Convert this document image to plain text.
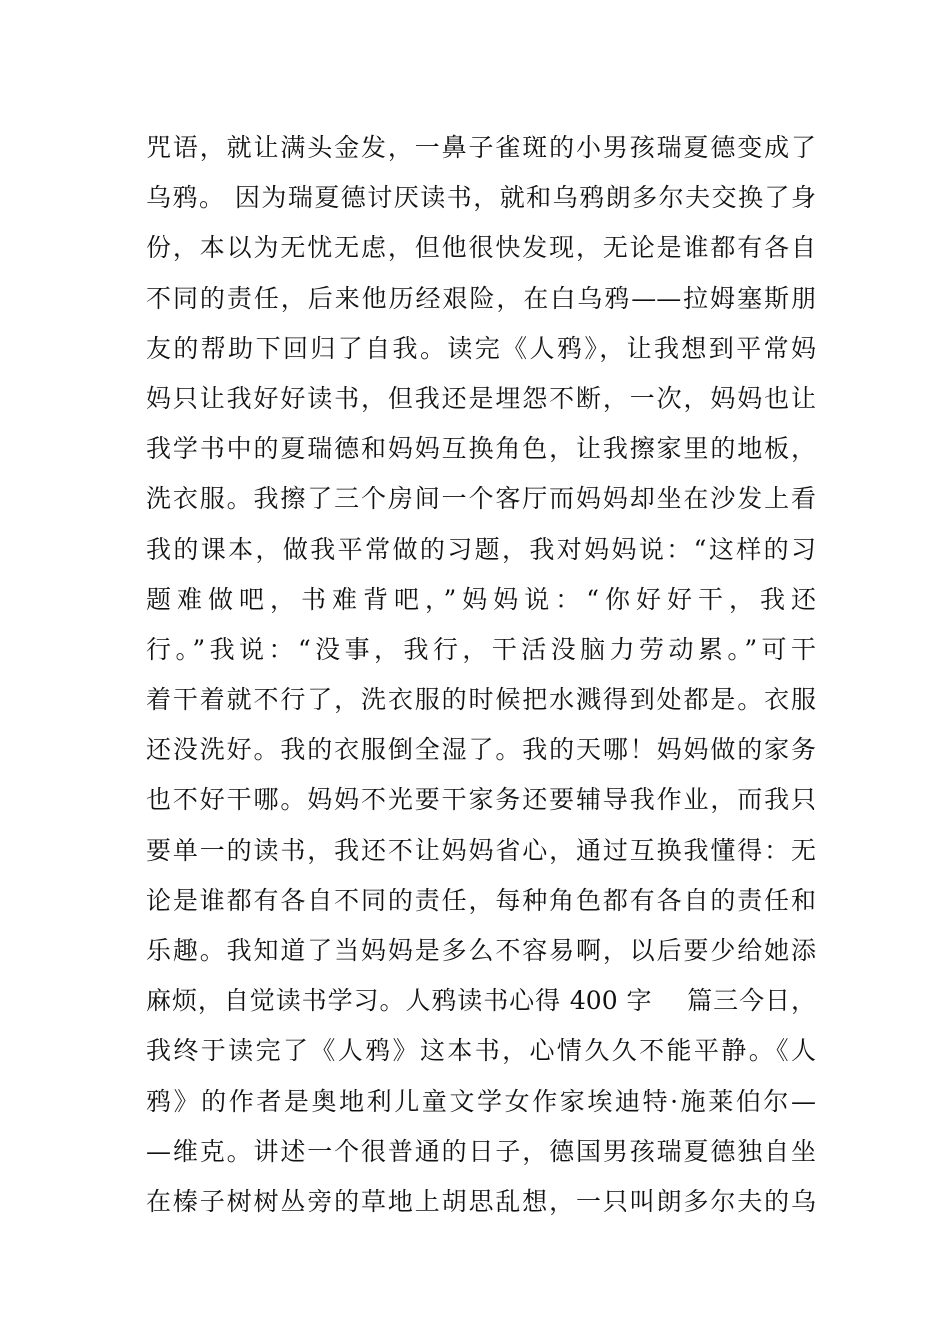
咒语，就让满头金发，一鼻子雀斑的小男孩瑞夏德变成了
乌鸦。 因为瑞夏德讨厌读书，就和乌鸦朗多尔夫交换了身
份，本以为无忧无虑，但他很快发现，无论是谁都有各自
不同的责任，后来他历经艰险，在白乌鸦——拉姆塞斯朋
友的帮助下回归了自我。读完《人鸦》，让我想到平常妈
妈只让我好好读书，但我还是埋怨不断，一次，妈妈也让
我学书中的夏瑞德和妈妈互换角色，让我擦家里的地板，
洗衣服。我擦了三个房间一个客厅而妈妈却坐在沙发上看
我的课本，做我平常做的习题，我对妈妈说：“这样的习
题难做吧，书难背吧，”妈妈说：“你好好干，我还
行。”我说：“没事，我行，干活没脑力劳动累。”可干
着干着就不行了，洗衣服的时候把水溅得到处都是。衣服
还没洗好。我的衣服倒全湿了。我的天哪！妈妈做的家务
也不好干哪。妈妈不光要干家务还要辅导我作业，而我只
要单一的读书，我还不让妈妈省心，通过互换我懂得：无
论是谁都有各自不同的责任，每种角色都有各自的责任和
乐趣。我知道了当妈妈是多么不容易啊，以后要少给她添
麻烦，自觉读书学习。人鸦读书心得 400 字　 篇三今日，
我终于读完了《人鸦》这本书，心情久久不能平静。《人
鸦》的作者是奥地利儿童文学女作家埃迪特·施莱伯尔—
—维克。讲述一个很普通的日子，德国男孩瑞夏德独自坐
在榛子树树丛旁的草地上胡思乱想，一只叫朗多尔夫的乌
